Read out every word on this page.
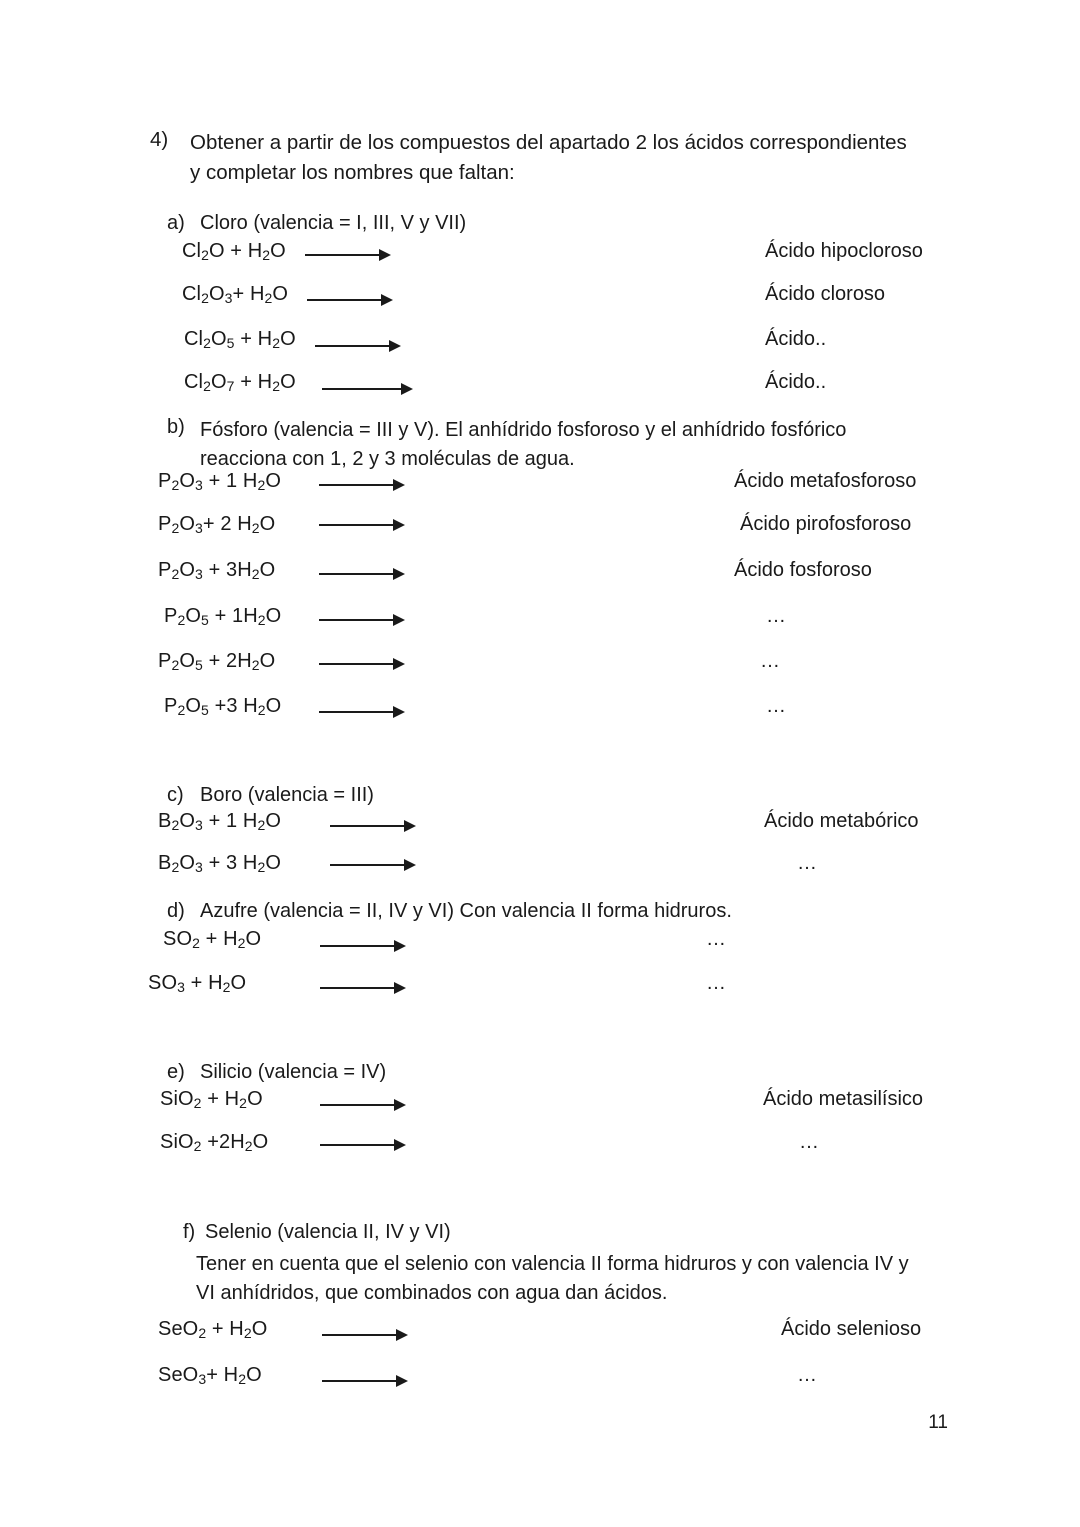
4) Obtener a partir de los compuestos del apartado 2 los ácidos correspondientes y completar los nombres que faltan:
a) Cloro (valencia = I, III, V y VII)
$Cl_2O + H_2O$	Ácido hipocloroso
$Cl_2O_3+ H_2O$	Ácido cloroso
$Cl_2O_5 + H_2O$	Ácido..
$Cl_2O_7 + H_2O$	Ácido..
b) Fósforo (valencia = III y V). El anhídrido fosforoso y el anhídrido fosfórico reacciona con 1, 2 y 3 moléculas de agua.
$P_2O_3 + 1$ $H_2O$	Ácido metafosforoso
$P_2O_3+ 2$ $H_2O$	Ácido pirofosforoso
$P_2O_3 + 3H_2O$	Ácido fosforoso
$P_2O_5 + 1H_2O$	…
$P_2O_5 + 2H_2O$	…
$P_2O_5 +3$ $H_2O$	…
c) Boro (valencia = III)
$B_2O_3 + 1$ $H_2O$	Ácido metabórico
$B_2O_3 + 3$ $H_2O$	…
d) Azufre (valencia = II, IV y VI) Con valencia II forma hidruros.
$SO_2 + H_2O$	…
$SO_3 + H_2O$	…
e) Silicio (valencia = IV)
$SiO_2 + H_2O$	Ácido metasilísico
$SiO_2 +2H_2O$	…
f) Selenio (valencia II, IV y VI)
Tener en cuenta que el selenio con valencia II forma hidruros y con valencia IV y VI anhídridos, que combinados con agua dan ácidos.
$SeO_2 + H_2O$	Ácido selenioso
$SeO_3+ H_2O$	…
11
